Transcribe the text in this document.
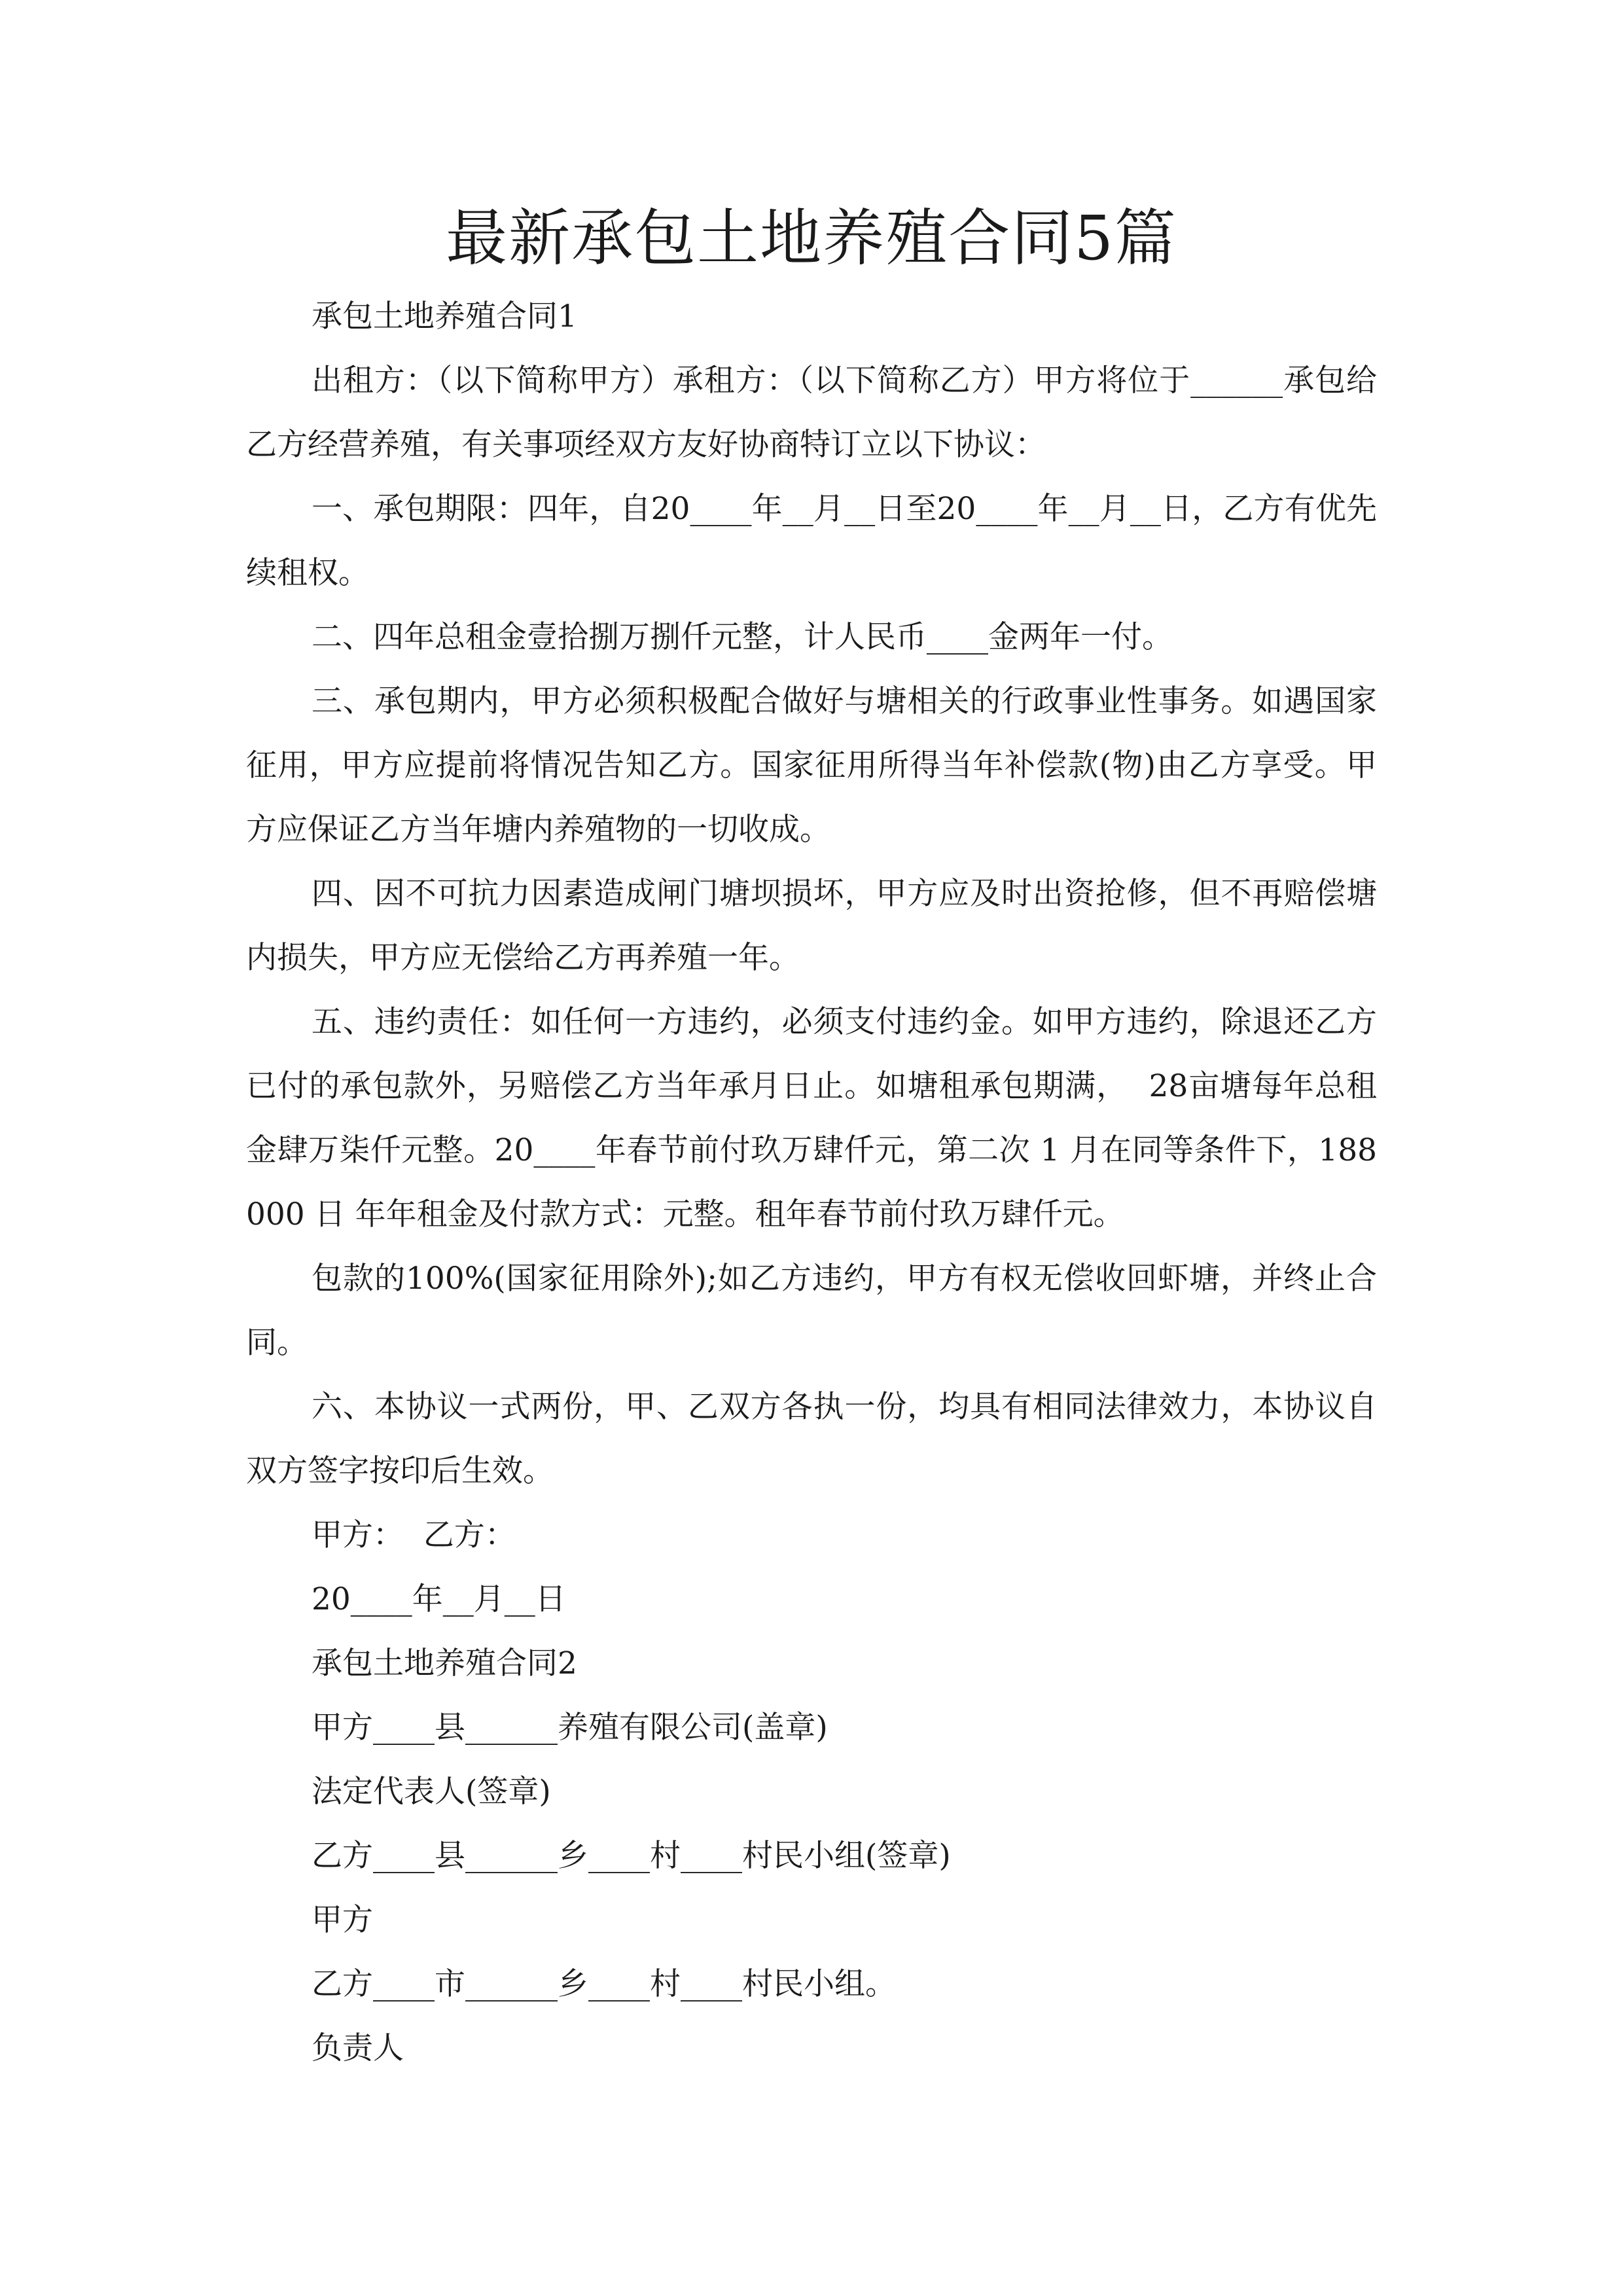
最新承包土地养殖合同5篇

承包土地养殖合同1

出租方：（以下简称甲方）承租方：（以下简称乙方）甲方将位于______承包给乙方经营养殖，有关事项经双方友好协商特订立以下协议：

一、承包期限：四年，自20____年__月__日至20____年__月__日，乙方有优先续租权。

二、四年总租金壹拾捌万捌仟元整，计人民币____金两年一付。

三、承包期内，甲方必须积极配合做好与塘相关的行政事业性事务。如遇国家征用，甲方应提前将情况告知乙方。国家征用所得当年补偿款(物)由乙方享受。甲方应保证乙方当年塘内养殖物的一切收成。

四、因不可抗力因素造成闸门塘坝损坏，甲方应及时出资抢修，但不再赔偿塘内损失，甲方应无偿给乙方再养殖一年。

五、违约责任：如任何一方违约，必须支付违约金。如甲方违约，除退还乙方已付的承包款外，另赔偿乙方当年承月日止。如塘租承包期满，  28亩塘每年总租金肆万柒仟元整。20____年春节前付玖万肆仟元，第二次 1 月在同等条件下，188000 日 年年租金及付款方式：元整。租年春节前付玖万肆仟元。

包款的100%(国家征用除外);如乙方违约，甲方有权无偿收回虾塘，并终止合同。

六、本协议一式两份，甲、乙双方各执一份，均具有相同法律效力，本协议自双方签字按印后生效。

甲方：  乙方：

20____年__月__日

承包土地养殖合同2

甲方____县______养殖有限公司(盖章)

法定代表人(签章)

乙方____县______乡____村____村民小组(签章)

甲方

乙方____市______乡____村____村民小组。

负责人
